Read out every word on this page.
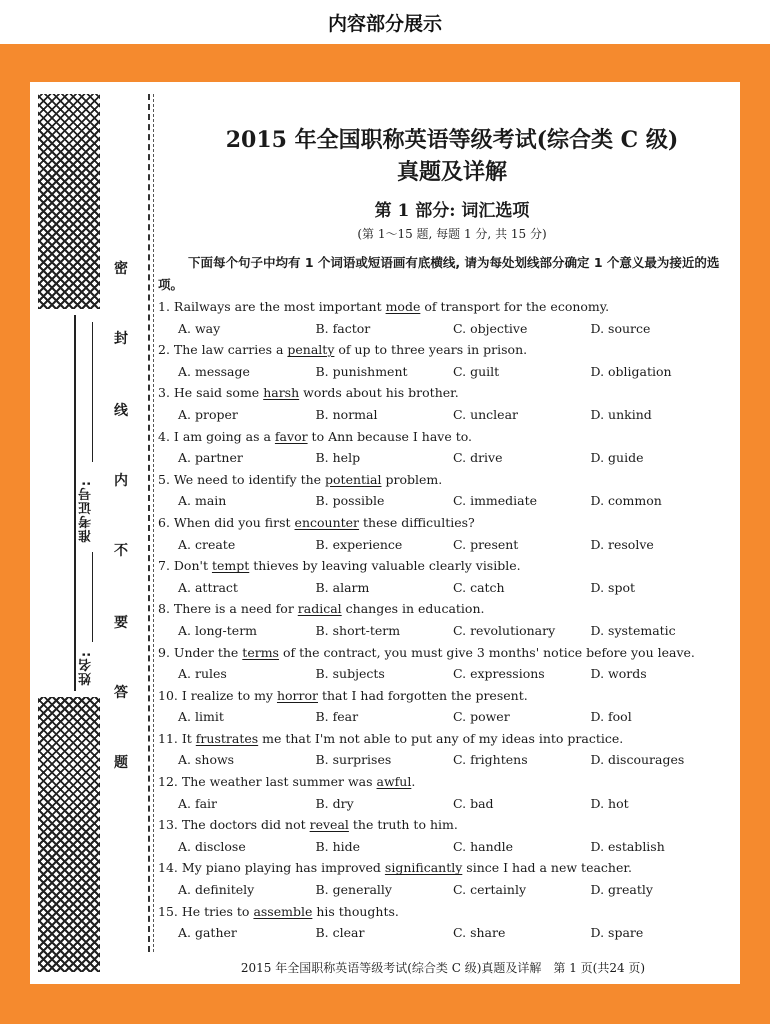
内容部分展示
准考证号:
姓名:
密
封
线
内
不
要
答
题
2015 年全国职称英语等级考试(综合类 C 级)
真题及详解
第 1 部分: 词汇选项
(第 1～15 题, 每题 1 分, 共 15 分)
下面每个句子中均有 1 个词语或短语画有底横线, 请为每处划线部分确定 1 个意义最为接近的选项。
1. Railways are the most important mode of transport for the economy.
A. way	B. factor	C. objective	D. source
2. The law carries a penalty of up to three years in prison.
A. message	B. punishment	C. guilt	D. obligation
3. He said some harsh words about his brother.
A. proper	B. normal	C. unclear	D. unkind
4. I am going as a favor to Ann because I have to.
A. partner	B. help	C. drive	D. guide
5. We need to identify the potential problem.
A. main	B. possible	C. immediate	D. common
6. When did you first encounter these difficulties?
A. create	B. experience	C. present	D. resolve
7. Don't tempt thieves by leaving valuable clearly visible.
A. attract	B. alarm	C. catch	D. spot
8. There is a need for radical changes in education.
A. long-term	B. short-term	C. revolutionary	D. systematic
9. Under the terms of the contract, you must give 3 months' notice before you leave.
A. rules	B. subjects	C. expressions	D. words
10. I realize to my horror that I had forgotten the present.
A. limit	B. fear	C. power	D. fool
11. It frustrates me that I'm not able to put any of my ideas into practice.
A. shows	B. surprises	C. frightens	D. discourages
12. The weather last summer was awful.
A. fair	B. dry	C. bad	D. hot
13. The doctors did not reveal the truth to him.
A. disclose	B. hide	C. handle	D. establish
14. My piano playing has improved significantly since I had a new teacher.
A. definitely	B. generally	C. certainly	D. greatly
15. He tries to assemble his thoughts.
A. gather	B. clear	C. share	D. spare
2015 年全国职称英语等级考试(综合类 C 级)真题及详解　第 1 页(共24 页)
